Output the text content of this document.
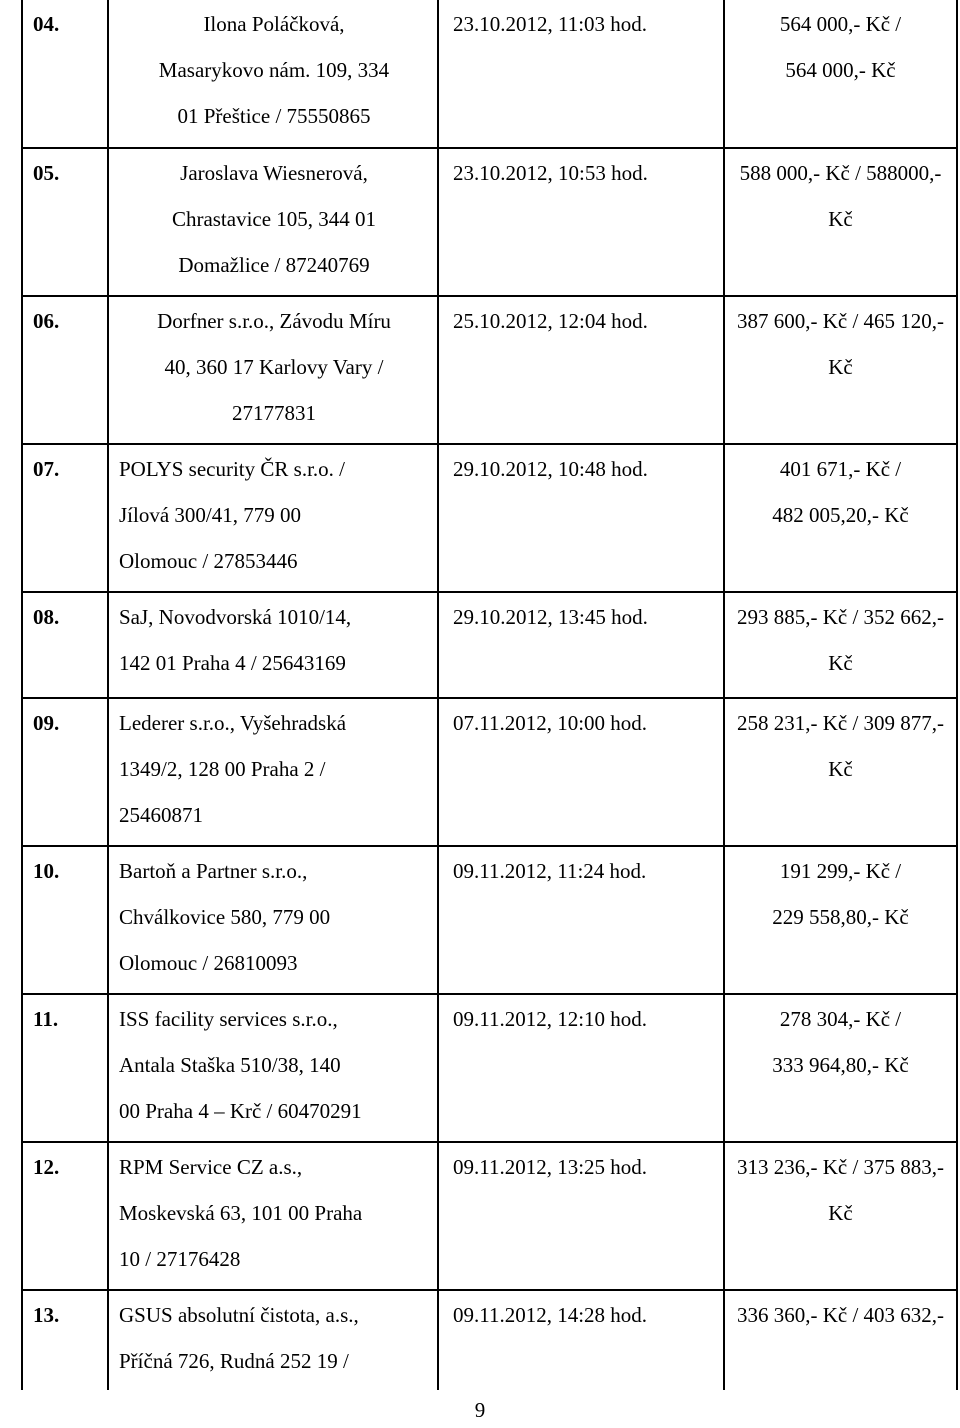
04.	Ilona Poláčková,
Masarykovo nám. 109, 334
01 Přeštice / 75550865	23.10.2012, 11:03 hod.	564 000,- Kč /
564 000,- Kč

05.	Jaroslava Wiesnerová,
Chrastavice 105, 344 01
Domažlice / 87240769	23.10.2012, 10:53 hod.	588 000,- Kč / 588000,-
Kč

06.	Dorfner s.r.o., Závodu Míru
40, 360 17 Karlovy Vary /
27177831	25.10.2012, 12:04 hod.	387 600,- Kč / 465 120,-
Kč

07.	POLYS security ČR s.r.o. /
Jílová 300/41, 779 00
Olomouc / 27853446	29.10.2012, 10:48 hod.	401 671,- Kč /
482 005,20,- Kč

08.	SaJ, Novodvorská 1010/14,
142 01 Praha 4 / 25643169	29.10.2012, 13:45 hod.	293 885,- Kč / 352 662,-
Kč

09.	Lederer s.r.o., Vyšehradská
1349/2, 128 00 Praha 2 /
25460871	07.11.2012, 10:00 hod.	258 231,- Kč / 309 877,-
Kč

10.	Bartoň a Partner s.r.o.,
Chválkovice 580, 779 00
Olomouc / 26810093	09.11.2012, 11:24 hod.	191 299,- Kč /
229 558,80,- Kč

11.	ISS facility services s.r.o.,
Antala Staška 510/38, 140
00 Praha 4 – Krč / 60470291	09.11.2012, 12:10 hod.	278 304,- Kč /
333 964,80,- Kč

12.	RPM Service CZ a.s.,
Moskevská 63, 101 00 Praha
10 / 27176428	09.11.2012, 13:25 hod.	313 236,- Kč / 375 883,-
Kč

13.	GSUS absolutní čistota, a.s.,
Příčná 726, Rudná 252 19 /	09.11.2012, 14:28 hod.	336 360,- Kč / 403 632,-
9
